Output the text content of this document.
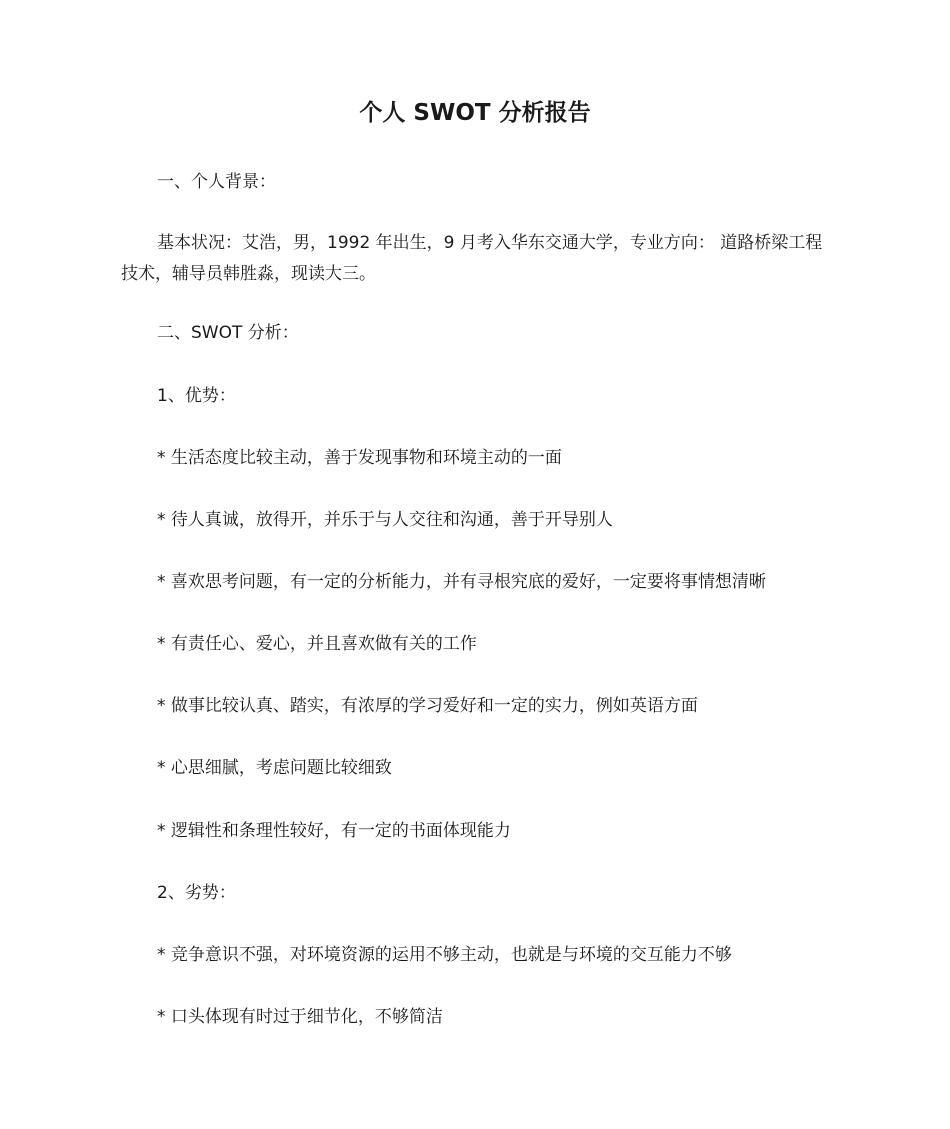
个人 SWOT 分析报告

一、个人背景：

基本状况：艾浩，男，1992 年出生，9 月考入华东交通大学，专业方向： 道路桥梁工程技术，辅导员韩胜淼，现读大三。

二、SWOT 分析：

1、优势：

* 生活态度比较主动，善于发现事物和环境主动的一面

* 待人真诚，放得开，并乐于与人交往和沟通，善于开导别人

* 喜欢思考问题，有一定的分析能力，并有寻根究底的爱好，一定要将事情想清晰

* 有责任心、爱心，并且喜欢做有关的工作

* 做事比较认真、踏实，有浓厚的学习爱好和一定的实力，例如英语方面

* 心思细腻，考虑问题比较细致

* 逻辑性和条理性较好，有一定的书面体现能力

2、劣势：

* 竞争意识不强，对环境资源的运用不够主动，也就是与环境的交互能力不够

* 口头体现有时过于细节化，不够简洁
